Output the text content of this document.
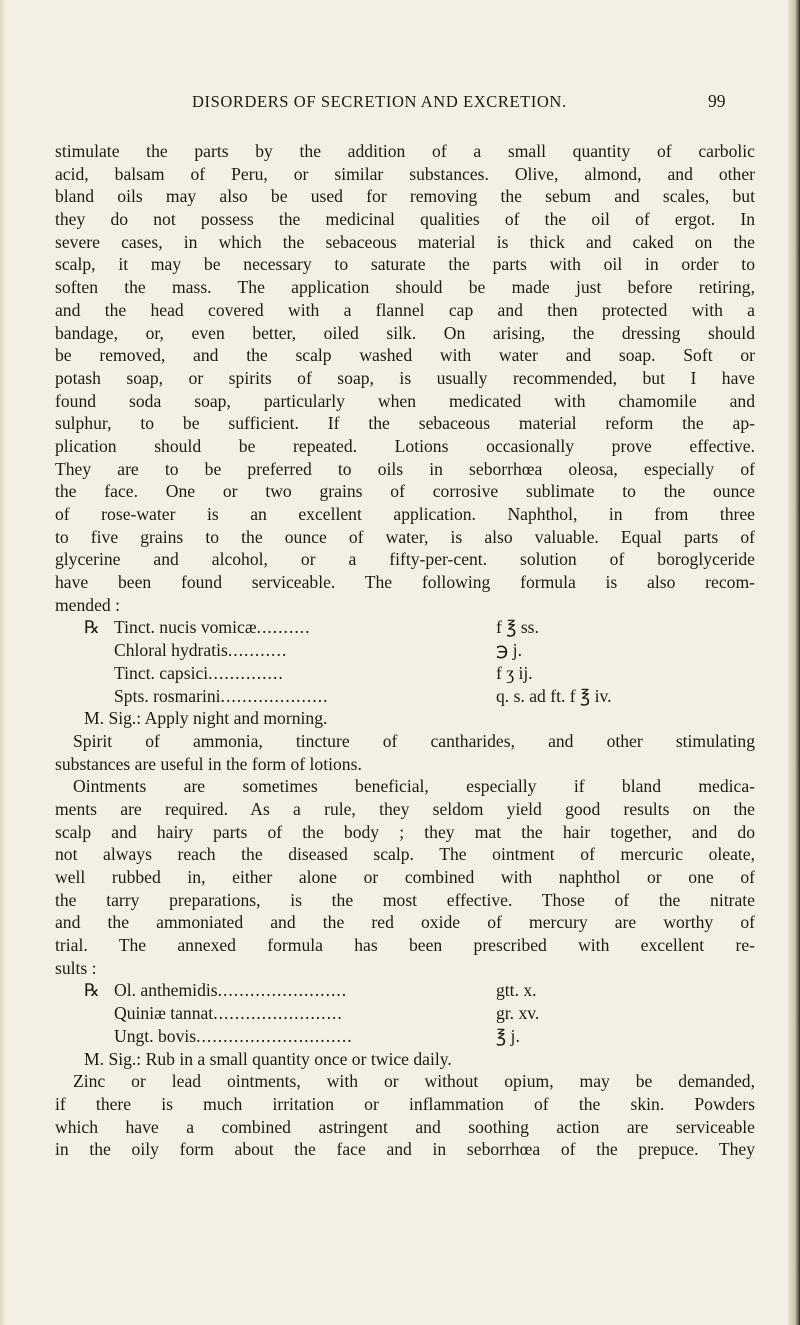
DISORDERS OF SECRETION AND EXCRETION.	99
stimulate the parts by the addition of a small quantity of carbolic
acid, balsam of Peru, or similar substances. Olive, almond, and other
bland oils may also be used for removing the sebum and scales, but
they do not possess the medicinal qualities of the oil of ergot. In
severe cases, in which the sebaceous material is thick and caked on the
scalp, it may be necessary to saturate the parts with oil in order to
soften the mass. The application should be made just before retiring,
and the head covered with a flannel cap and then protected with a
bandage, or, even better, oiled silk. On arising, the dressing should
be removed, and the scalp washed with water and soap. Soft or
potash soap, or spirits of soap, is usually recommended, but I have
found soda soap, particularly when medicated with chamomile and
sulphur, to be sufficient. If the sebaceous material reform the ap-
plication should be repeated. Lotions occasionally prove effective.
They are to be preferred to oils in seborrhœa oleosa, especially of
the face. One or two grains of corrosive sublimate to the ounce
of rose-water is an excellent application. Naphthol, in from three
to five grains to the ounce of water, is also valuable. Equal parts of
glycerine and alcohol, or a fifty-per-cent. solution of boroglyceride
have been found serviceable. The following formula is also recom-
mended :
℞ Tinct. nucis vomicæ..........	f ℥ ss.
Chloral hydratis...........	℈ j.
Tinct. capsici..............	f ʒ ij.
Spts. rosmarini....................	q. s. ad ft. f ℥ iv.
M. Sig.: Apply night and morning.
Spirit of ammonia, tincture of cantharides, and other stimulating
substances are useful in the form of lotions.
Ointments are sometimes beneficial, especially if bland medica-
ments are required. As a rule, they seldom yield good results on the
scalp and hairy parts of the body ; they mat the hair together, and do
not always reach the diseased scalp. The ointment of mercuric oleate,
well rubbed in, either alone or combined with naphthol or one of
the tarry preparations, is the most effective. Those of the nitrate
and the ammoniated and the red oxide of mercury are worthy of
trial. The annexed formula has been prescribed with excellent re-
sults :
℞ Ol. anthemidis........................	gtt. x.
Quiniæ tannat........................	gr. xv.
Ungt. bovis.............................	℥ j.
M. Sig.: Rub in a small quantity once or twice daily.
Zinc or lead ointments, with or without opium, may be demanded,
if there is much irritation or inflammation of the skin. Powders
which have a combined astringent and soothing action are serviceable
in the oily form about the face and in seborrhœa of the prepuce. They
